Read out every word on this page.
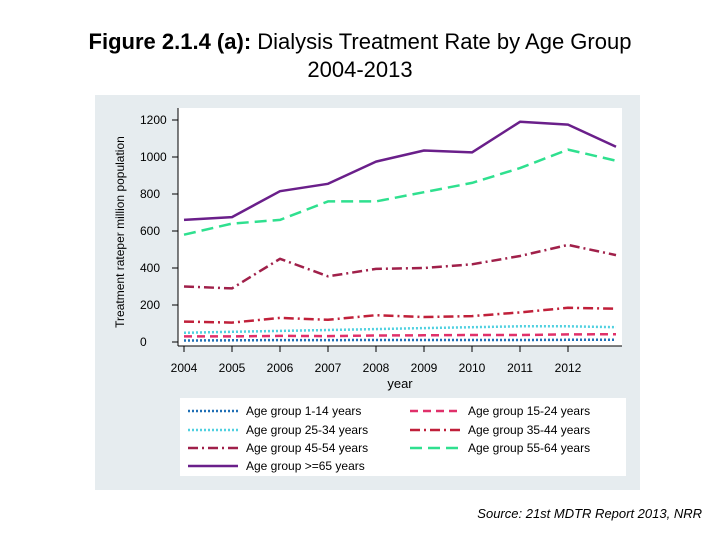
Figure 2.1.4 (a): Dialysis Treatment Rate by Age Group
2004-2013
Treatment rateper million population
year
0
200
400
600
800
1000
1200
2004 2005 2006 2007 2008 2009 2010 2011 2012
Age group 1-14 years	Age group 15-24 years
Age group 25-34 years	Age group 35-44 years
Age group 45-54 years	Age group 55-64 years
Age group >=65 years
Source: 21st MDTR Report 2013, NRR
